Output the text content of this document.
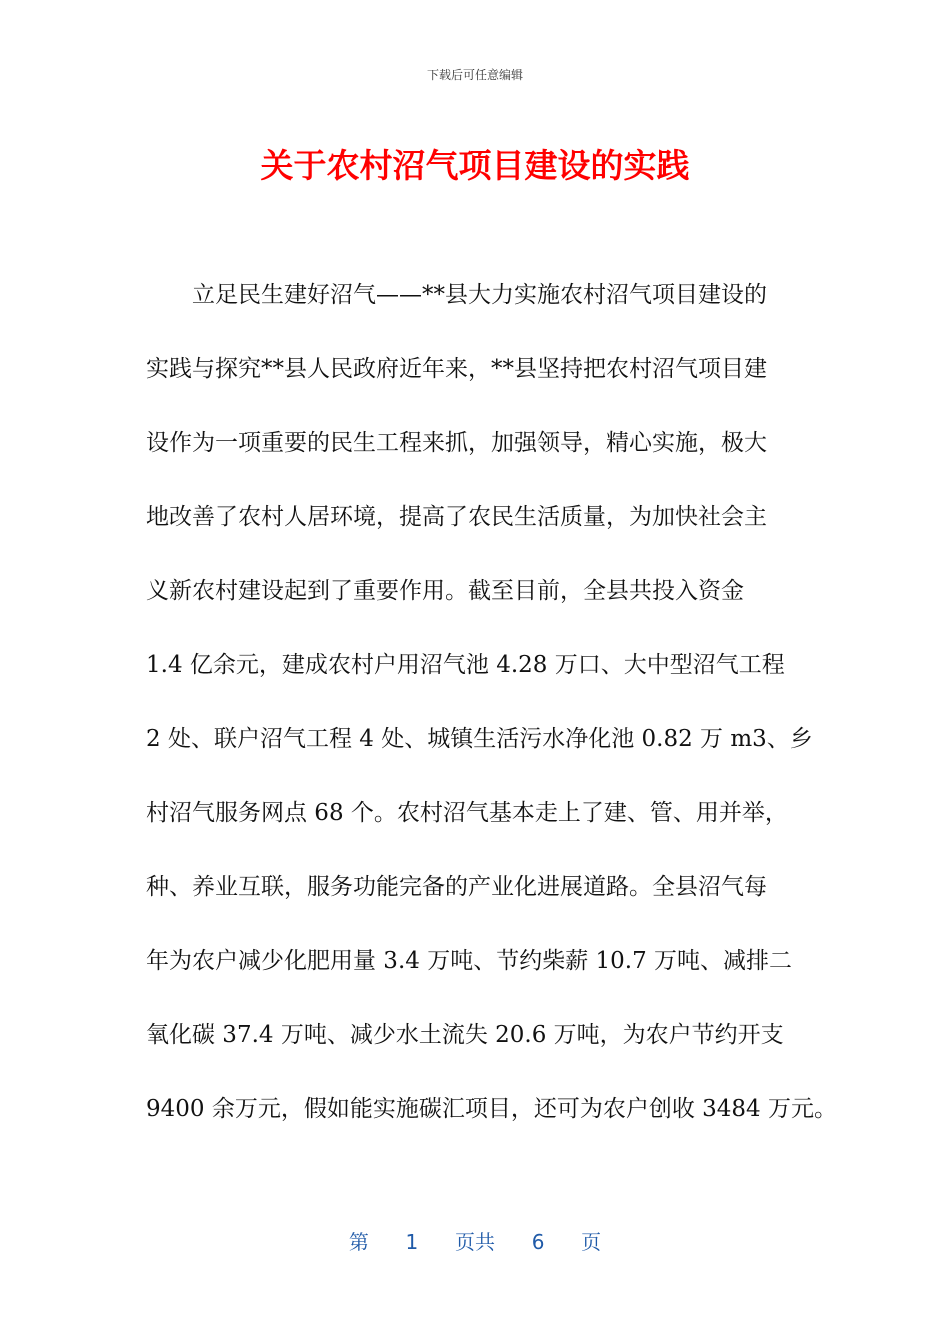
下载后可任意编辑
关于农村沼气项目建设的实践
立足民生建好沼气——**县大力实施农村沼气项目建设的
实践与探究**县人民政府近年来，**县坚持把农村沼气项目建
设作为一项重要的民生工程来抓，加强领导，精心实施，极大
地改善了农村人居环境，提高了农民生活质量，为加快社会主
义新农村建设起到了重要作用。截至目前，全县共投入资金
1.4 亿余元，建成农村户用沼气池 4.28 万口、大中型沼气工程
2 处、联户沼气工程 4 处、城镇生活污水净化池 0.82 万 m3、乡
村沼气服务网点 68 个。农村沼气基本走上了建、管、用并举，
种、养业互联，服务功能完备的产业化进展道路。全县沼气每
年为农户减少化肥用量 3.4 万吨、节约柴薪 10.7 万吨、减排二
氧化碳 37.4 万吨、减少水土流失 20.6 万吨，为农户节约开支
9400 余万元，假如能实施碳汇项目，还可为农户创收 3484 万元。
第 1 页共 6 页
